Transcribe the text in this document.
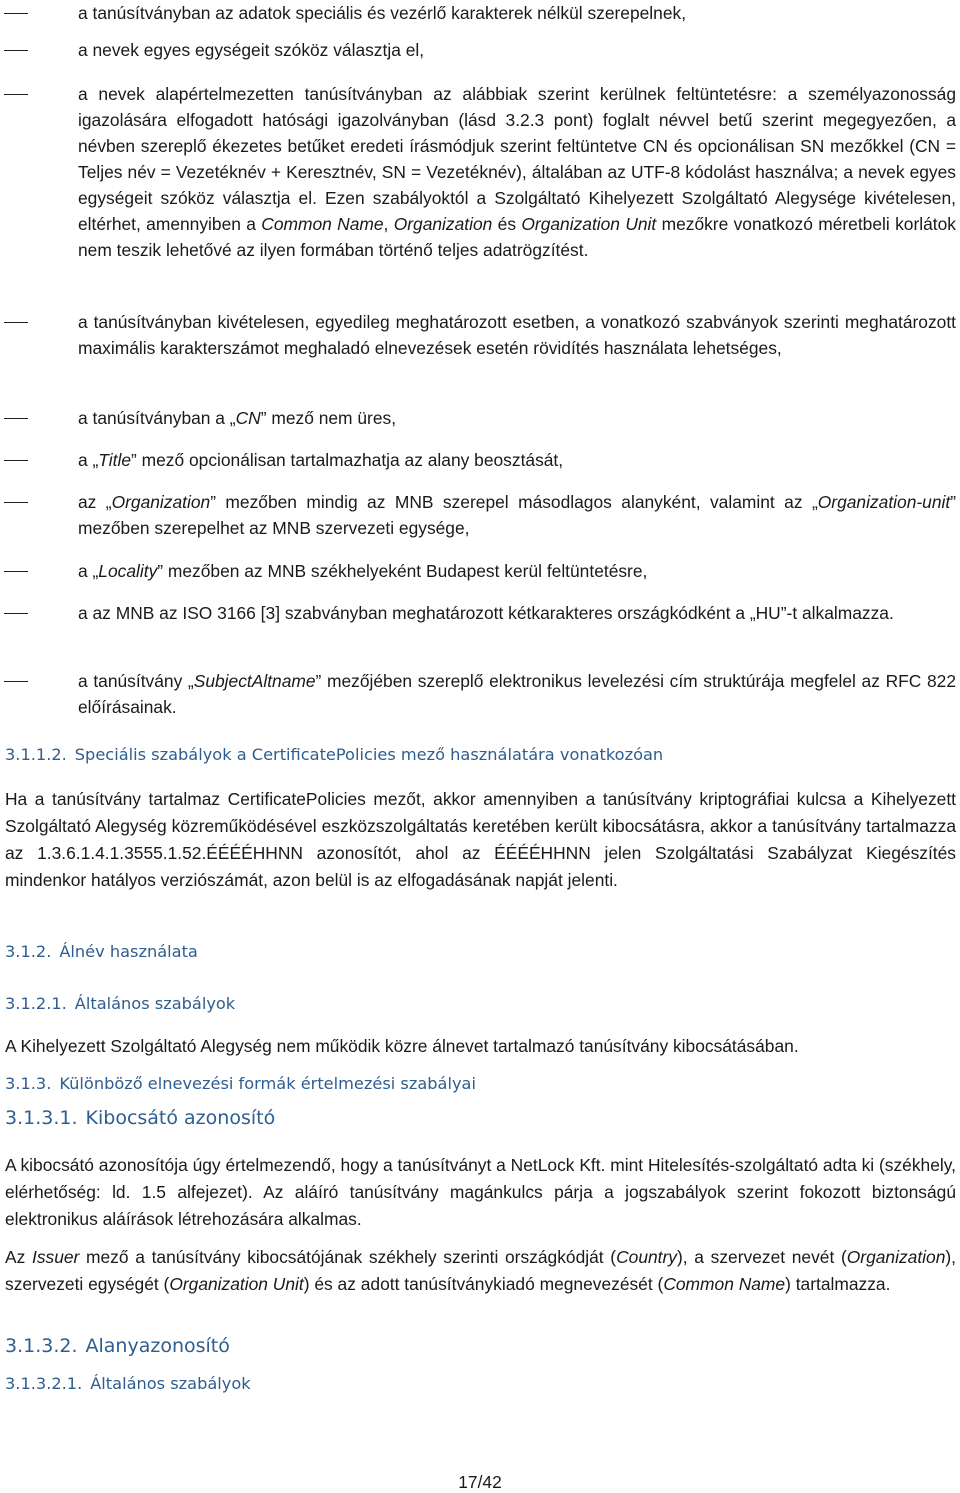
a tanúsítványban az adatok speciális és vezérlő karakterek nélkül szerepelnek,
a nevek egyes egységeit szóköz választja el,
a nevek alapértelmezetten tanúsítványban az alábbiak szerint kerülnek feltüntetésre: a személyazonosság igazolására elfogadott hatósági igazolványban (lásd 3.2.3 pont) foglalt névvel betű szerint megegyezően, a névben szereplő ékezetes betűket eredeti írásmódjuk szerint feltüntetve CN és opcionálisan SN mezőkkel (CN = Teljes név = Vezetéknév + Keresztnév, SN = Vezetéknév), általában az UTF-8 kódolást használva; a nevek egyes egységeit szóköz választja el. Ezen szabályoktól a Szolgáltató Kihelyezett Szolgáltató Alegysége kivételesen, eltérhet, amennyiben a Common Name, Organization és Organization Unit mezőkre vonatkozó méretbeli korlátok nem teszik lehetővé az ilyen formában történő teljes adatrögzítést.
a tanúsítványban kivételesen, egyedileg meghatározott esetben, a vonatkozó szabványok szerinti meghatározott maximális karakterszámot meghaladó elnevezések esetén rövidítés használata lehetséges,
a tanúsítványban a „CN” mező nem üres,
a „Title” mező opcionálisan tartalmazhatja az alany beosztását,
az „Organization” mezőben mindig az MNB szerepel másodlagos alanyként, valamint az „Organization-unit” mezőben szerepelhet az MNB szervezeti egysége,
a „Locality” mezőben az MNB székhelyeként Budapest kerül feltüntetésre,
a az MNB az ISO 3166 [3] szabványban meghatározott kétkarakteres országkódként a „HU”-t alkalmazza.
a tanúsítvány „SubjectAltname” mezőjében szereplő elektronikus levelezési cím struktúrája megfelel az RFC 822 előírásainak.
3.1.1.2. Speciális szabályok a CertificatePolicies mező használatára vonatkozóan
Ha a tanúsítvány tartalmaz CertificatePolicies mezőt, akkor amennyiben a tanúsítvány kriptográfiai kulcsa a Kihelyezett Szolgáltató Alegység közreműködésével eszközszolgáltatás keretében került kibocsátásra, akkor a tanúsítvány tartalmazza az 1.3.6.1.4.1.3555.1.52.ÉÉÉÉHHNN azonosítót, ahol az ÉÉÉÉHHNN jelen Szolgáltatási Szabályzat Kiegészítés mindenkor hatályos verziószámát, azon belül is az elfogadásának napját jelenti.
3.1.2. Álnév használata
3.1.2.1. Általános szabályok
A Kihelyezett Szolgáltató Alegység nem működik közre álnevet tartalmazó tanúsítvány kibocsátásában.
3.1.3. Különböző elnevezési formák értelmezési szabályai
3.1.3.1. Kibocsátó azonosító
A kibocsátó azonosítója úgy értelmezendő, hogy a tanúsítványt a NetLock Kft. mint Hitelesítés-szolgáltató adta ki (székhely, elérhetőség: ld. 1.5 alfejezet). Az aláíró tanúsítvány magánkulcs párja a jogszabályok szerint fokozott biztonságú elektronikus aláírások létrehozására alkalmas.
Az Issuer mező a tanúsítvány kibocsátójának székhely szerinti országkódját (Country), a szervezet nevét (Organization), szervezeti egységét (Organization Unit) és az adott tanúsítványkiadó megnevezését (Common Name) tartalmazza.
3.1.3.2. Alanyazonosító
3.1.3.2.1. Általános szabályok
17/42
